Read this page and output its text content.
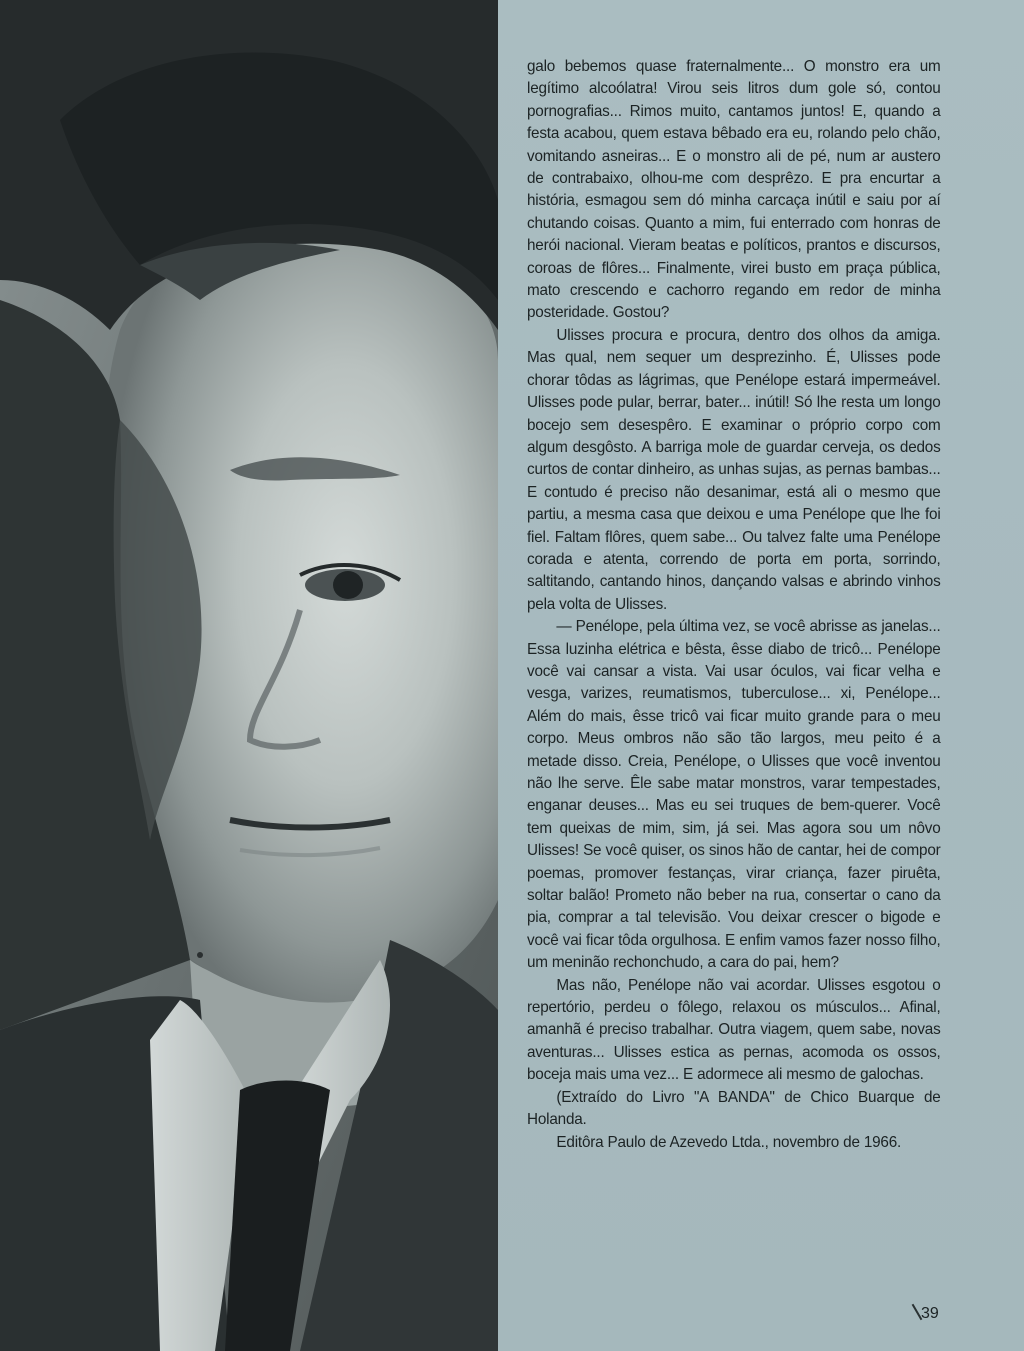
galo bebemos quase fraternalmente... O monstro era um legítimo alcoólatra! Virou seis litros dum gole só, contou pornografias... Rimos muito, cantamos juntos! E, quando a festa acabou, quem estava bêbado era eu, rolando pelo chão, vomitando asneiras... E o monstro ali de pé, num ar austero de contrabaixo, olhou-me com desprêzo. E pra encurtar a história, esmagou sem dó minha carcaça inútil e saiu por aí chutando coisas. Quanto a mim, fui enterrado com honras de herói nacional. Vieram beatas e políticos, prantos e discursos, coroas de flôres... Finalmente, virei busto em praça pública, mato crescendo e cachorro regando em redor de minha posteridade. Gostou?

Ulisses procura e procura, dentro dos olhos da amiga. Mas qual, nem sequer um desprezinho. É, Ulisses pode chorar tôdas as lágrimas, que Penélope estará impermeável. Ulisses pode pular, berrar, bater... inútil! Só lhe resta um longo bocejo sem desespêro. E examinar o próprio corpo com algum desgôsto. A barriga mole de guardar cerveja, os dedos curtos de contar dinheiro, as unhas sujas, as pernas bambas... E contudo é preciso não desanimar, está ali o mesmo que partiu, a mesma casa que deixou e uma Penélope que lhe foi fiel. Faltam flôres, quem sabe... Ou talvez falte uma Penélope corada e atenta, correndo de porta em porta, sorrindo, saltitando, cantando hinos, dançando valsas e abrindo vinhos pela volta de Ulisses.

— Penélope, pela última vez, se você abrisse as janelas... Essa luzinha elétrica e bêsta, êsse diabo de tricô... Penélope você vai cansar a vista. Vai usar óculos, vai ficar velha e vesga, varizes, reumatismos, tuberculose... xi, Penélope... Além do mais, êsse tricô vai ficar muito grande para o meu corpo. Meus ombros não são tão largos, meu peito é a metade disso. Creia, Penélope, o Ulisses que você inventou não lhe serve. Êle sabe matar monstros, varar tempestades, enganar deuses... Mas eu sei truques de bem-querer. Você tem queixas de mim, sim, já sei. Mas agora sou um nôvo Ulisses! Se você quiser, os sinos hão de cantar, hei de compor poemas, promover festanças, virar criança, fazer piruêta, soltar balão! Prometo não beber na rua, consertar o cano da pia, comprar a tal televisão. Vou deixar crescer o bigode e você vai ficar tôda orgulhosa. E enfim vamos fazer nosso filho, um meninão rechonchudo, a cara do pai, hem?

Mas não, Penélope não vai acordar. Ulisses esgotou o repertório, perdeu o fôlego, relaxou os músculos... Afinal, amanhã é preciso trabalhar. Outra viagem, quem sabe, novas aventuras... Ulisses estica as pernas, acomoda os ossos, boceja mais uma vez... E adormece ali mesmo de galochas.

(Extraído do Livro "A BANDA" de Chico Buarque de Holanda.

Editôra Paulo de Azevedo Ltda., novembro de 1966.

39
